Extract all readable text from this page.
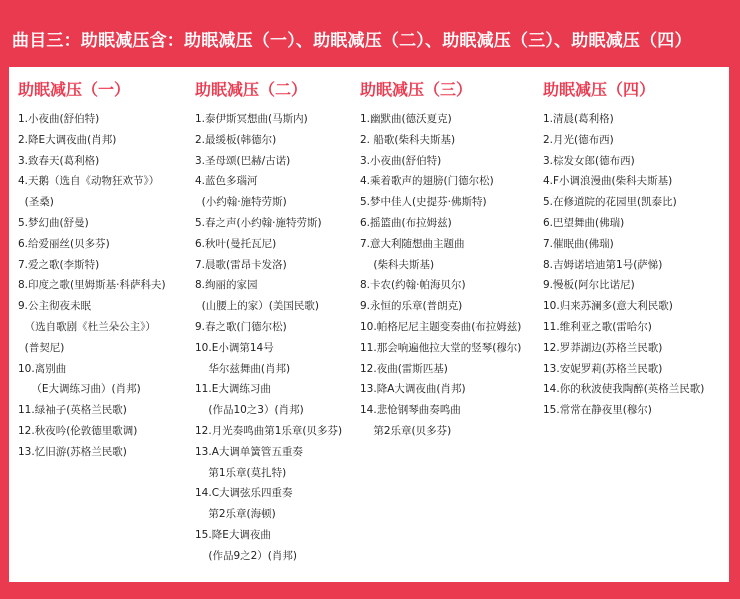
曲目三：助眠减压含：助眠减压（一）、助眠减压（二）、助眠减压（三）、助眠减压（四）
助眠减压（一）
1.小夜曲(舒伯特)
2.降E大调夜曲(肖邦)
3.致春天(葛利格)
4.天鹅（选自《动物狂欢节》）
(圣桑)
5.梦幻曲(舒曼)
6.给爱丽丝(贝多芬)
7.爱之歌(李斯特)
8.印度之歌(里姆斯基·科萨科夫)
9.公主彻夜未眠
（选自歌剧《杜兰朵公主》）
(普契尼)
10.离别曲
（E大调练习曲）(肖邦)
11.绿袖子(英格兰民歌)
12.秋夜吟(伦敦德里歌调)
13.忆旧游(苏格兰民歌)
助眠减压（二）
1.泰伊斯冥想曲(马斯内)
2.最缓板(韩德尔)
3.圣母颂(巴赫/古诺)
4.蓝色多瑙河
(小约翰·施特劳斯)
5.春之声(小约翰·施特劳斯)
6.秋叶(曼托瓦尼)
7.晨歌(雷昂卡发洛)
8.绚丽的家园
(山腰上的家）(美国民歌)
9.春之歌(门德尔松)
10.E小调第14号
华尔兹舞曲(肖邦)
11.E大调练习曲
(作品10之3）(肖邦)
12.月光奏鸣曲第1乐章(贝多芬)
13.A大调单簧管五重奏
第1乐章(莫扎特)
14.C大调弦乐四重奏
第2乐章(海顿)
15.降E大调夜曲
(作品9之2）(肖邦)
助眠减压（三）
1.幽默曲(德沃夏克)
2. 船歌(柴科夫斯基)
3.小夜曲(舒伯特)
4.乘着歌声的翅膀(门德尔松)
5.梦中佳人(史提芬·佛斯特)
6.摇篮曲(布拉姆兹)
7.意大利随想曲主题曲
(柴科夫斯基)
8.卡农(约翰·帕海贝尔)
9.永恒的乐章(普朗克)
10.帕格尼尼主题变奏曲(布拉姆兹)
11.那会响遍他拉大堂的竖琴(穆尔)
12.夜曲(雷斯匹基)
13.降A大调夜曲(肖邦)
14.悲怆钢琴曲奏鸣曲
第2乐章(贝多芬)
助眠减压（四）
1.清晨(葛利格)
2.月光(德布西)
3.棕发女郎(德布西)
4.F小调浪漫曲(柴科夫斯基)
5.在修道院的花园里(凯泰比)
6.巴望舞曲(佛瑞)
7.催眠曲(佛瑞)
8.吉姆诺培迪第1号(萨悌)
9.慢板(阿尔比诺尼)
10.归来苏澜多(意大利民歌)
11.维利亚之歌(雷哈尔)
12.罗莽湖边(苏格兰民歌)
13.安妮罗莉(苏格兰民歌)
14.你的秋波使我陶醉(英格兰民歌)
15.常常在静夜里(穆尔)
